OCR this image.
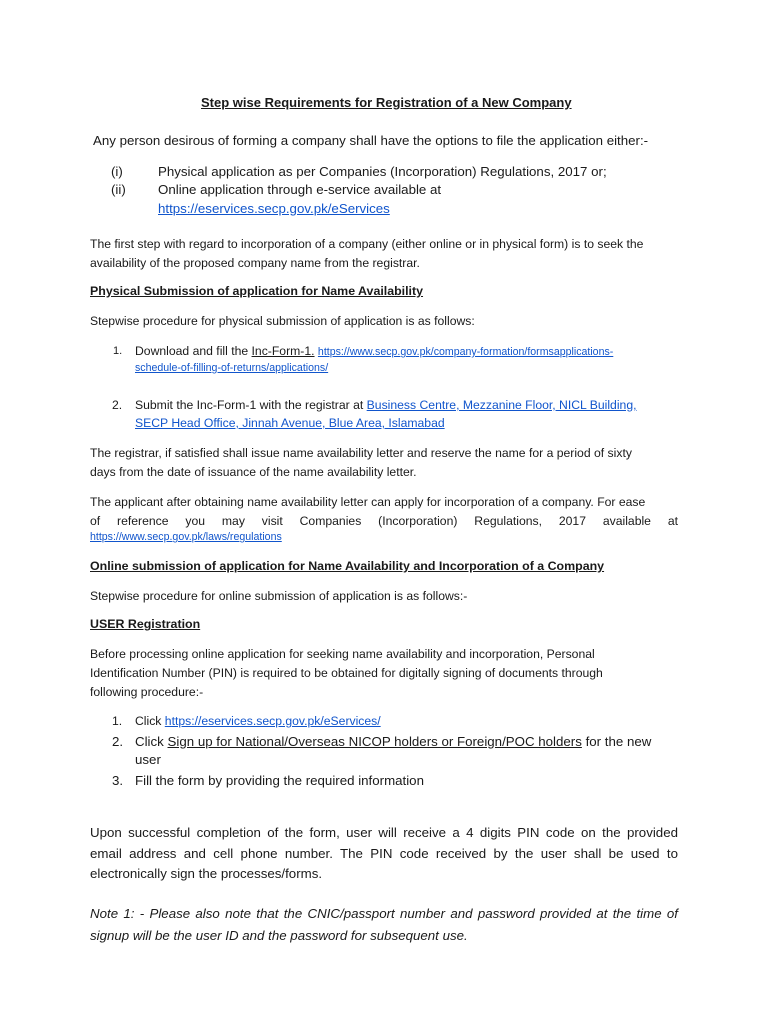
Step wise Requirements for Registration of a New Company
Any person desirous of forming a company shall have the options to file the application either:-
(i)	Physical application as per Companies (Incorporation) Regulations, 2017 or;
(ii) Online application through e-service available at
https://eservices.secp.gov.pk/eServices
The first step with regard to incorporation of a company (either online or in physical form) is to seek the
availability of the proposed company name from the registrar.
Physical Submission of application for Name Availability
Stepwise procedure for physical submission of application is as follows:
1. Download and fill the Inc-Form-1. https://www.secp.gov.pk/company-formation/formsapplications-
schedule-of-filling-of-returns/applications/
2. Submit the Inc-Form-1 with the registrar at Business Centre, Mezzanine Floor, NICL Building,
SECP Head Office, Jinnah Avenue, Blue Area, Islamabad
The registrar, if satisfied shall issue name availability letter and reserve the name for a period of sixty
days from the date of issuance of the name availability letter.
The applicant after obtaining name availability letter can apply for incorporation of a company. For ease
of reference you may visit Companies (Incorporation) Regulations, 2017 available at
https://www.secp.gov.pk/laws/regulations
Online submission of application for Name Availability and Incorporation of a Company
Stepwise procedure for online submission of application is as follows:-
USER Registration
Before processing online application for seeking name availability and incorporation, Personal
Identification Number (PIN) is required to be obtained for digitally signing of documents through
following procedure:-
1. Click https://eservices.secp.gov.pk/eServices/
2. Click Sign up for National/Overseas NICOP holders or Foreign/POC holders for the new
user
3. Fill the form by providing the required information
Upon successful completion of the form, user will receive a 4 digits PIN code on the provided
email address and cell phone number. The PIN code received by the user shall be used to
electronically sign the processes/forms.
Note 1: - Please also note that the CNIC/passport number and password provided at the time of
signup will be the user ID and the password for subsequent use.
